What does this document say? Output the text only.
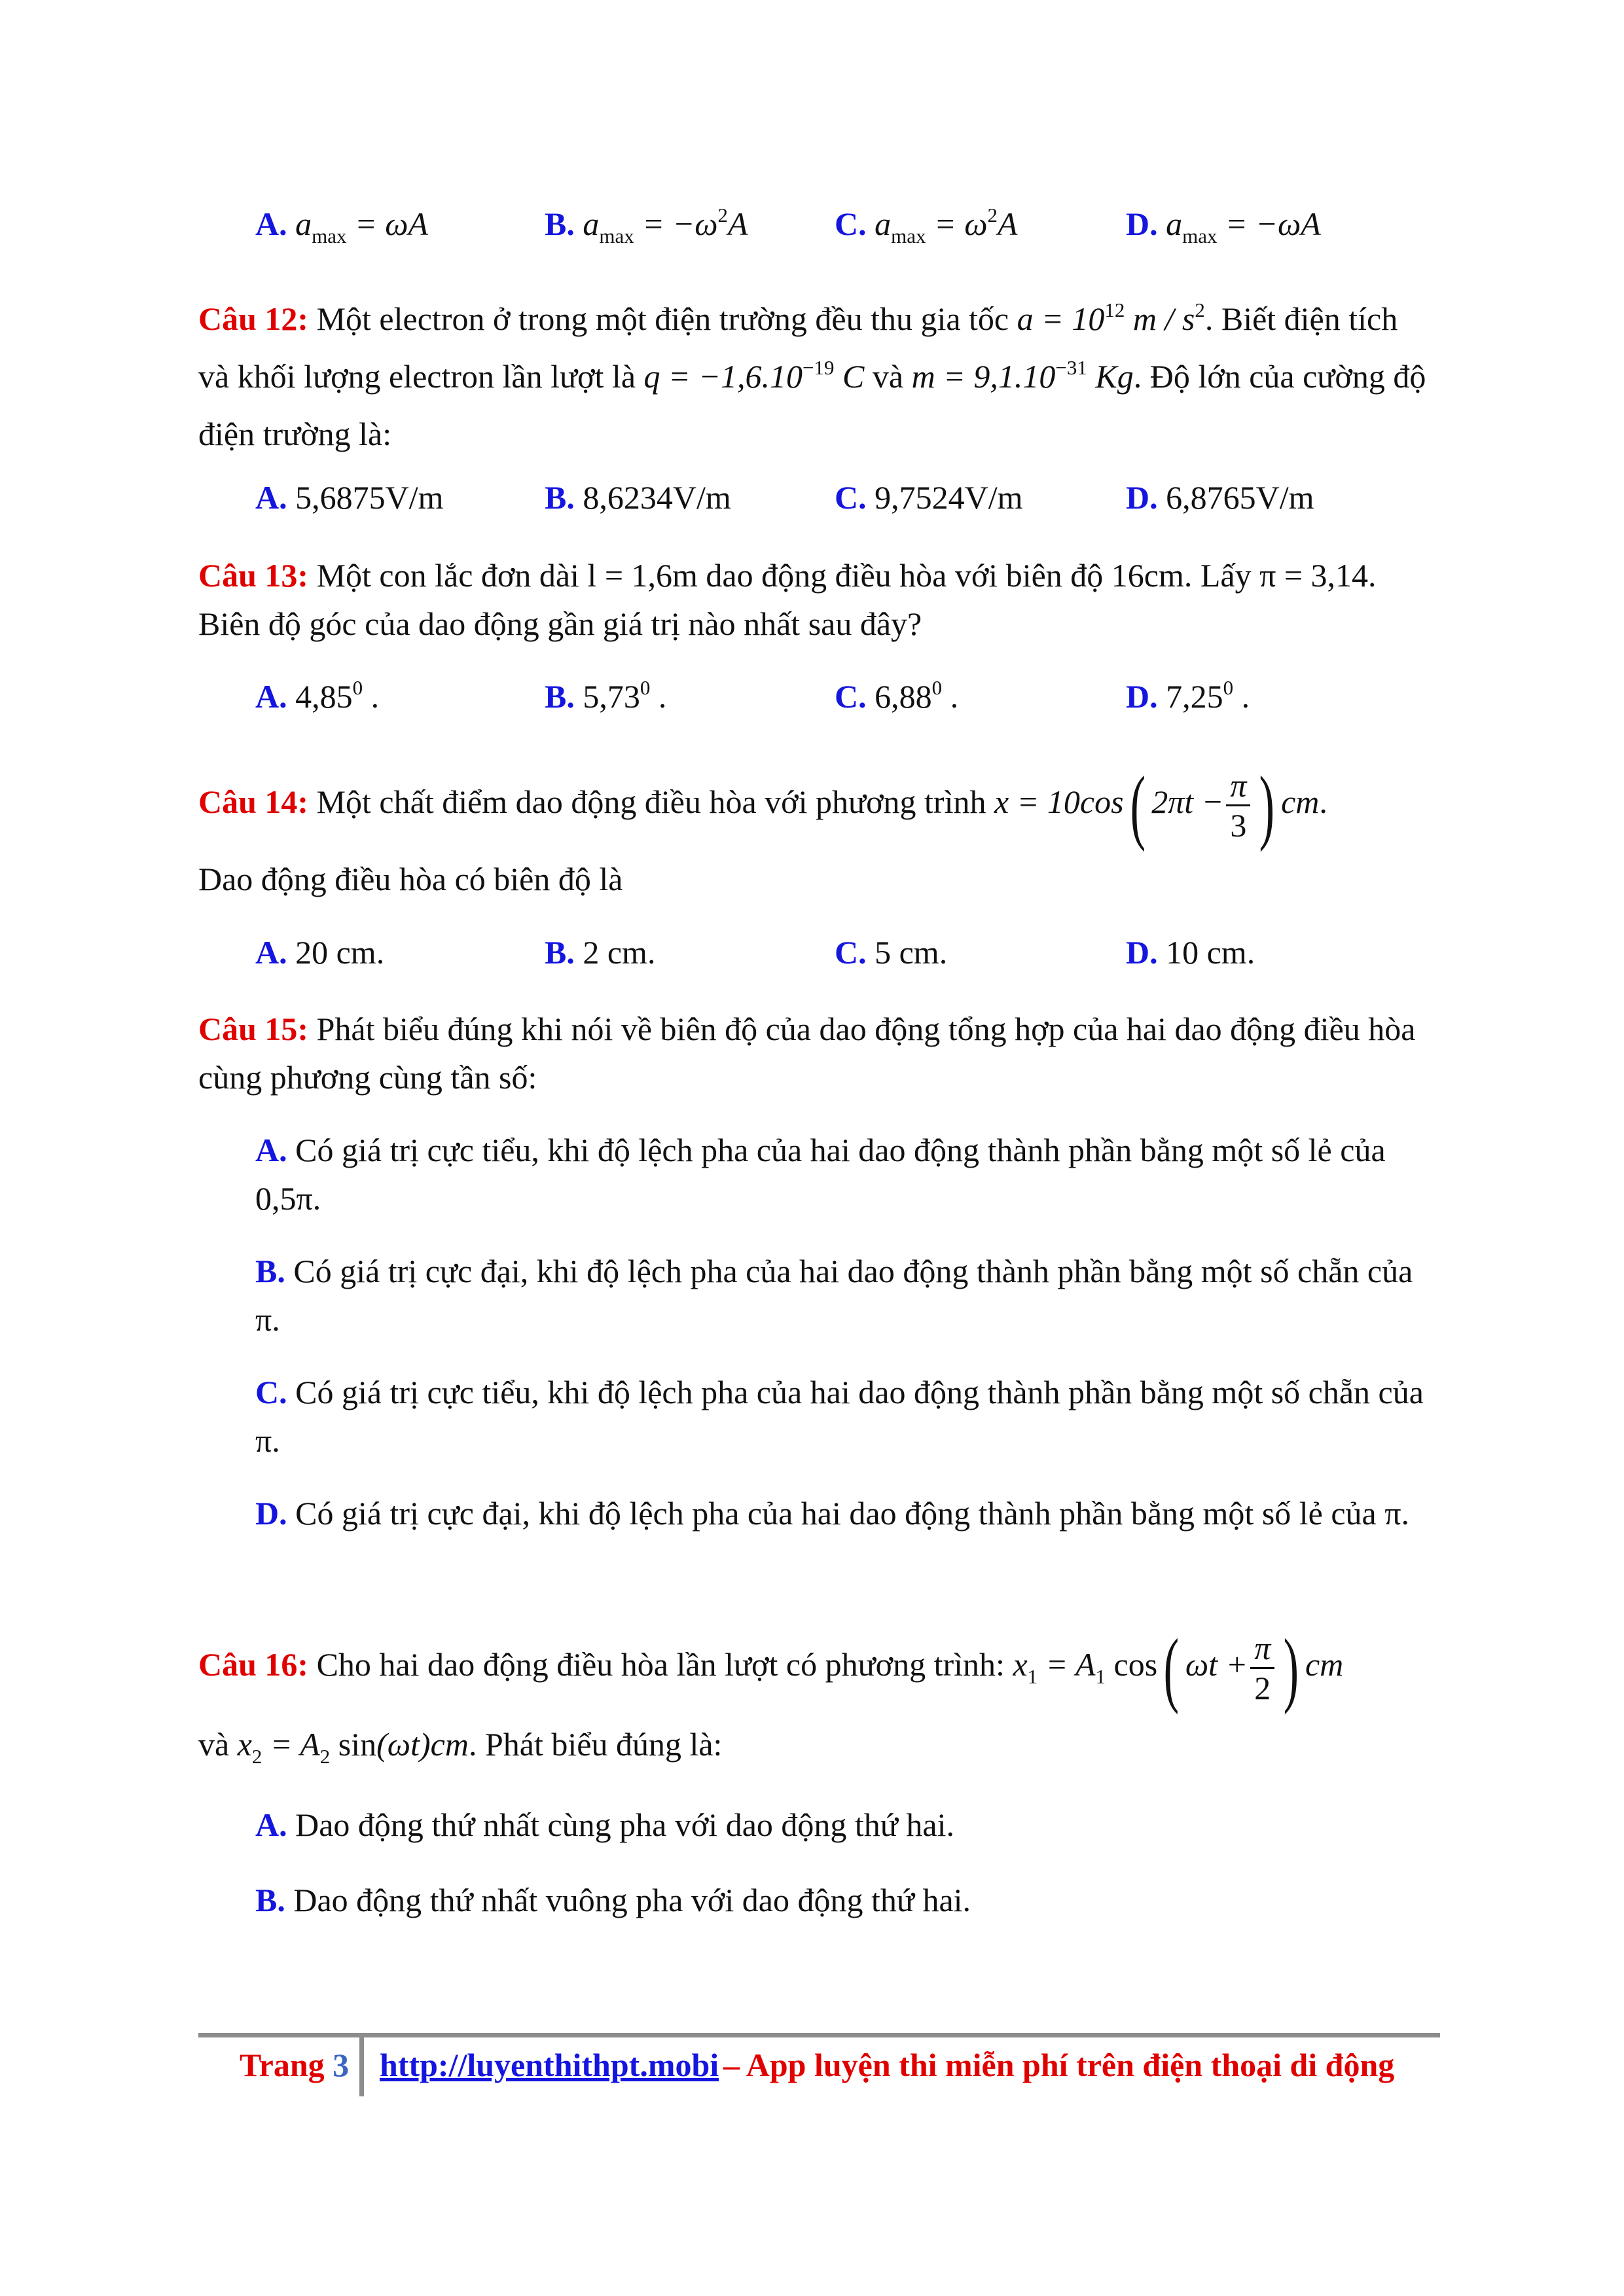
A. $a_{max} = \omega A$	B. $a_{max} = -\omega^2A$	C. $a_{max} = \omega^2A$	D. $a_{max} = -\omega A$
Câu 12: Một electron ở trong một điện trường đều thu gia tốc $a = 10^{12}$ m / $s^2$. Biết điện tích và khối lượng electron lần lượt là $q = -1,6.10^{-19}$ C và $m = 9,1.10^{-31}$ Kg. Độ lớn của cường độ điện trường là:
A. 5,6875V/m	B. 8,6234V/m	C. 9,7524V/m	D. 6,8765V/m
Câu 13: Một con lắc đơn dài l = 1,6m dao động điều hòa với biên độ 16cm. Lấy π = 3,14. Biên độ góc của dao động gần giá trị nào nhất sau đây?
A. 4,85$^0$ .	B. 5,73$^0$ .	C. 6,88$^0$ .	D. 7,25$^0$ .
Câu 14: Một chất điểm dao động điều hòa với phương trình x = 10cos( $2\pi t - \frac{\pi}{3}$ ) cm.
Dao động điều hòa có biên độ là
A. 20 cm.	B. 2 cm.	C. 5 cm.	D. 10 cm.
Câu 15: Phát biểu đúng khi nói về biên độ của dao động tổng hợp của hai dao động điều hòa cùng phương cùng tần số:
A. Có giá trị cực tiểu, khi độ lệch pha của hai dao động thành phần bằng một số lẻ của 0,5π.
B. Có giá trị cực đại, khi độ lệch pha của hai dao động thành phần bằng một số chẵn của π.
C. Có giá trị cực tiểu, khi độ lệch pha của hai dao động thành phần bằng một số chẵn của π.
D. Có giá trị cực đại, khi độ lệch pha của hai dao động thành phần bằng một số lẻ của π.
Câu 16: Cho hai dao động điều hòa lần lượt có phương trình: $x_1 = A_1$ cos( $\omega t + \frac{\pi}{2}$ ) cm
và $x_2 = A_2$ sin(ωt)cm. Phát biểu đúng là:
A. Dao động thứ nhất cùng pha với dao động thứ hai.
B. Dao động thứ nhất vuông pha với dao động thứ hai.
Trang 3 http://luyenthithpt.mobi – App luyện thi miễn phí trên điện thoại di động
